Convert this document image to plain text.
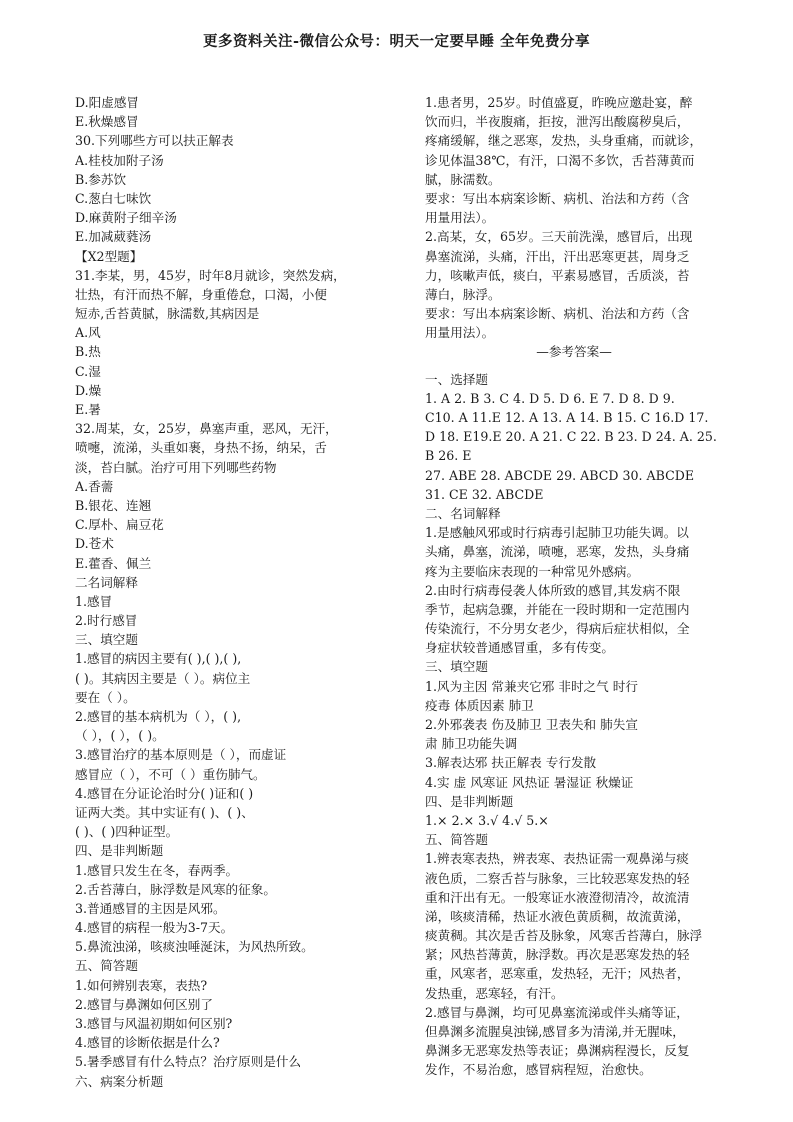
更多资料关注-微信公众号：明天一定要早睡 全年免费分享
D.阳虚感冒
E.秋燥感冒
30.下列哪些方可以扶正解表
A.桂枝加附子汤
B.参苏饮
C.葱白七味饮
D.麻黄附子细辛汤
E.加减葳蕤汤
【X2型题】
31.李某，男，45岁，时年8月就诊，突然发病，
壮热，有汗而热不解，身重倦怠，口渴，小便
短赤,舌苔黄腻，脉濡数,其病因是
A.风
B.热
C.湿
D.燥
E.暑
32.周某，女，25岁，鼻塞声重，恶风，无汗，
喷嚏，流涕，头重如裹，身热不扬，纳呆，舌
淡，苔白腻。治疗可用下列哪些药物
A.香薷
B.银花、连翘
C.厚朴、扁豆花
D.苍术
E.藿香、佩兰
二名词解释
1.感冒
2.时行感冒
三、填空题
1.感冒的病因主要有( ),( ),( ),
( )。其病因主要是（ ）。病位主
要在（ ）。
2.感冒的基本病机为（ ），( ),
（ ），( ），( )。
3.感冒治疗的基本原则是（ ），而虚证
感冒应（ ），不可（ ）重伤肺气。
4.感冒在分证论治时分( )证和( )
证两大类。其中实证有( )、( )、
( )、( )四种证型。
四、是非判断题
1.感冒只发生在冬，春两季。
2.舌苔薄白，脉浮数是风寒的征象。
3.普通感冒的主因是风邪。
4.感冒的病程一般为3-7天。
5.鼻流浊涕，咳痰浊唾涎沫，为风热所致。
五、简答题
1.如何辨别表寒，表热?
2.感冒与鼻渊如何区别了
3.感冒与风温初期如何区别?
4.感冒的诊断依据是什么?
5.暑季感冒有什么特点？治疗原则是什么
六、病案分析题
1.患者男，25岁。时值盛夏，昨晚应邀赴宴，醉
饮而归，半夜腹痛，拒按，泄泻出酸腐秽臭后，
疼痛缓解，继之恶寒，发热，头身重痛，而就诊，
诊见体温38℃，有汗，口渴不多饮，舌苔薄黄而
腻，脉濡数。
要求：写出本病案诊断、病机、治法和方药（含
用量用法）。
2.高某，女，65岁。三天前洗澡，感冒后，出现
鼻塞流涕，头痛，汗出，汗出恶寒更甚，周身乏
力，咳嗽声低，痰白，平素易感冒，舌质淡，苔
薄白，脉浮。
要求：写出本病案诊断、病机、治法和方药（含
用量用法）。
—参考答案—
一、选择题
1. A 2. B 3. C 4. D 5. D 6. E 7. D 8. D 9.
C10. A 11.E 12. A 13. A 14. B 15. C 16.D 17.
D 18. E19.E 20. A 21. C 22. B 23. D 24. A. 25.
B 26. E
27. ABE 28. ABCDE 29. ABCD 30. ABCDE
31. CE 32. ABCDE
二、名词解释
1.是感触风邪或时行病毒引起肺卫功能失调。以
头痛，鼻塞，流涕，喷嚏，恶寒，发热，头身痛
疼为主要临床表现的一种常见外感病。
2.由时行病毒侵袭人体所致的感冒,其发病不限
季节，起病急骤，并能在一段时期和一定范围内
传染流行，不分男女老少，得病后症状相似，全
身症状较普通感冒重，多有传变。
三、填空题
1.风为主因 常兼夹它邪 非时之气 时行
疫毒 体质因素 肺卫
2.外邪袭表 伤及肺卫 卫表失和 肺失宣
肃 肺卫功能失调
3.解表达邪 扶正解表 专行发散
4.实 虚 风寒证 风热证 暑湿证 秋燥证
四、是非判断题
1.× 2.× 3.√ 4.√ 5.×
五、简答题
1.辨表寒表热，辨表寒、表热证需一观鼻涕与痰
液色质，二察舌苔与脉象，三比较恶寒发热的轻
重和汗出有无。一般寒证水液澄彻清冷，故流清
涕，咳痰清稀，热证水液色黄质稠，故流黄涕，
痰黄稠。其次是舌苔及脉象，风寒舌苔薄白，脉浮
紧；风热苔薄黄，脉浮数。再次是恶寒发热的轻
重，风寒者，恶寒重，发热轻，无汗；风热者，
发热重，恶寒轻，有汗。
2.感冒与鼻渊，均可见鼻塞流涕或伴头痛等证，
但鼻渊多流腥臭浊锑,感冒多为清涕,并无腥味，
鼻渊多无恶寒发热等表证；鼻渊病程漫长，反复
发作，不易治愈，感冒病程短，治愈快。
